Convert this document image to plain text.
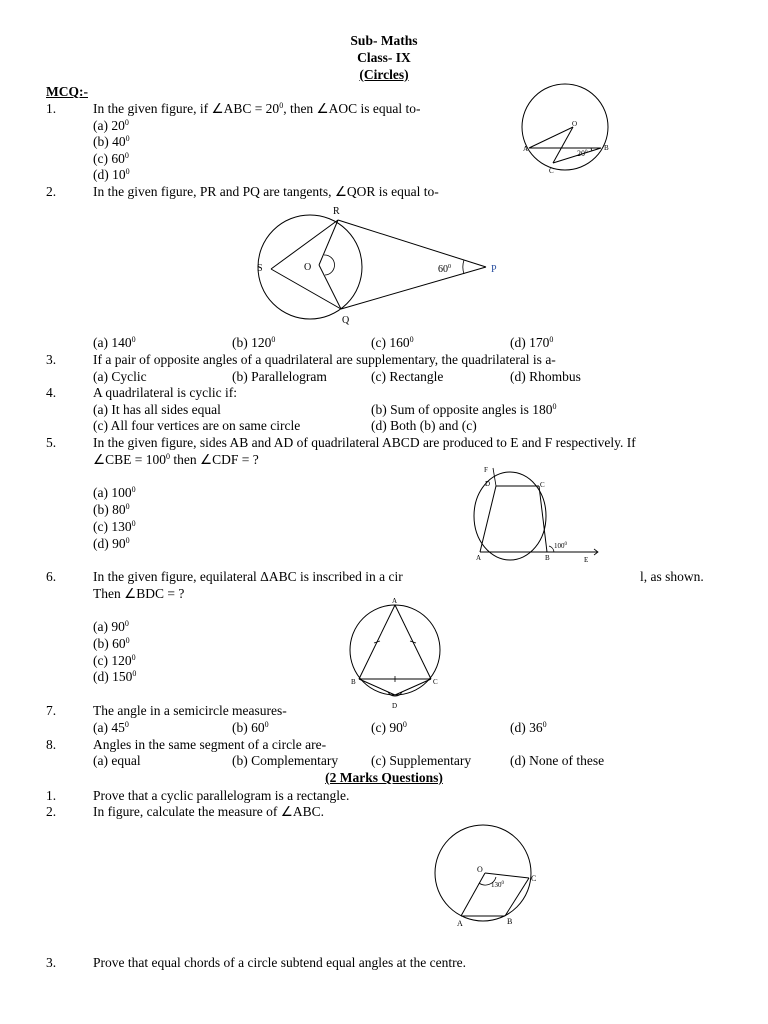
Sub- Maths
Class- IX
(Circles)
MCQ:-
1.	In the given figure, if ∠ABC = $20^0$, then ∠AOC is equal to-
(a) $20^0$
(b) $40^0$
(c) $60^0$
(d) $10^0$
O
A	B
C
$20^0$
2.	In the given figure, PR and PQ are tangents, ∠QOR is equal to-
R
S	O
Q
P
$60^0$
(a) $140^0$	(b) $120^0$	(c) $160^0$	(d) $170^0$
3.	If a pair of opposite angles of a quadrilateral are supplementary, the quadrilateral is a-
(a) Cyclic	(b) Parallelogram	(c) Rectangle	(d) Rhombus
4.	A quadrilateral is cyclic if:
(a) It has all sides equal	(b) Sum of opposite angles is $180^0$
(c) All four vertices are on same circle	(d) Both (b) and (c)
5.	In the given figure, sides AB and AD of quadrilateral ABCD are produced to E and F respectively. If
∠CBE = $100^0$ then ∠CDF = ?
(a) $100^0$
(b) $80^0$
(c) $130^0$
(d) $90^0$
F
D	C
A	B	E
$100^0$
6.	In the given figure, equilateral ΔABC is inscribed in a cir	l, as shown.
Then ∠BDC = ?
(a) $90^0$
(b) $60^0$
(c) $120^0$
(d) $150^0$
A
B	C
D
7.	The angle in a semicircle measures-
(a) $45^0$	(b) $60^0$	(c) $90^0$	(d) $36^0$
8.	Angles in the same segment of a circle are-
(a) equal	(b) Complementary (c) Supplementary	(d) None of these
(2 Marks Questions)
1.	Prove that a cyclic parallelogram is a rectangle.
2.	In figure, calculate the measure of ∠ABC.
O
C
A	B
$130^0$
3.	Prove that equal chords of a circle subtend equal angles at the centre.
